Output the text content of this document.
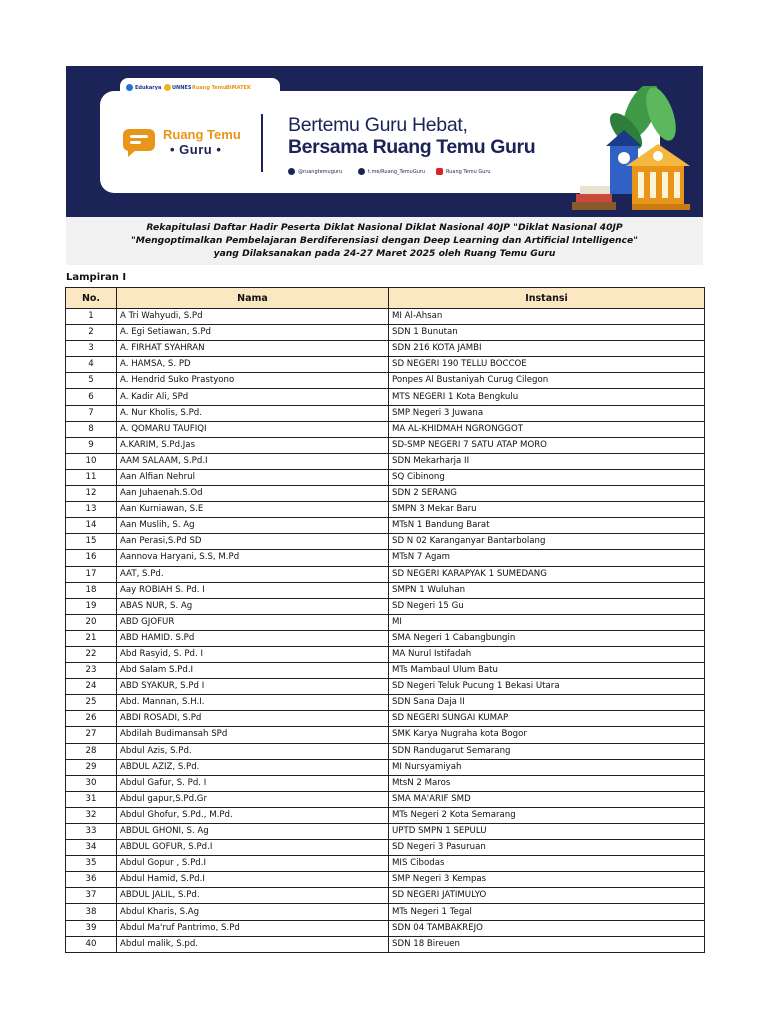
Edukarya UNNES Ruang Temu BIMATEK
Ruang Temu
• Guru •
Bertemu Guru Hebat,
Bersama Ruang Temu Guru
@ruangtemuguru	t.me/Ruang_TemuGuru	Ruang Temu Guru
Rekapitulasi Daftar Hadir Peserta Diklat Nasional Diklat Nasional 40JP "Diklat Nasional 40JP
"Mengoptimalkan Pembelajaran Berdiferensiasi dengan Deep Learning dan Artificial Intelligence"
yang Dilaksanakan pada 24-27 Maret 2025 oleh Ruang Temu Guru
Lampiran I
No.	Nama	Instansi
1	A Tri Wahyudi, S.Pd	MI Al-Ahsan
2	A. Egi Setiawan, S.Pd	SDN 1 Bunutan
3	A. FIRHAT SYAHRAN	SDN 216 KOTA JAMBI
4	A. HAMSA, S. PD	SD NEGERI 190 TELLU BOCCOE
5	A. Hendrid Suko Prastyono	Ponpes Al Bustaniyah Curug Cilegon
6	A. Kadir Ali, SPd	MTS NEGERI 1 Kota Bengkulu
7	A. Nur Kholis, S.Pd.	SMP Negeri 3 Juwana
8	A. QOMARU TAUFIQI	MA AL-KHIDMAH NGRONGGOT
9	A.KARIM, S.Pd.Jas	SD-SMP NEGERI 7 SATU ATAP MORO
10	AAM SALAAM, S.Pd.I	SDN Mekarharja II
11	Aan Alfian Nehrul	SQ Cibinong
12	Aan Juhaenah.S.Od	SDN 2 SERANG
13	Aan Kurniawan, S.E	SMPN 3 Mekar Baru
14	Aan Muslih, S. Ag	MTsN 1 Bandung Barat
15	Aan Perasi,S.Pd SD	SD N 02 Karanganyar Bantarbolang
16	Aannova Haryani, S.S, M.Pd	MTsN 7 Agam
17	AAT, S.Pd.	SD NEGERI KARAPYAK 1 SUMEDANG
18	Aay ROBIAH S. Pd. I	SMPN 1 Wuluhan
19	ABAS NUR, S. Ag	SD Negeri 15 Gu
20	ABD GJOFUR	MI
21	ABD HAMID. S.Pd	SMA Negeri 1 Cabangbungin
22	Abd Rasyid, S. Pd. I	MA Nurul Istifadah
23	Abd Salam S.Pd.I	MTs Mambaul Ulum Batu
24	ABD SYAKUR, S.Pd I	SD Negeri Teluk Pucung 1 Bekasi Utara
25	Abd. Mannan, S.H.I.	SDN Sana Daja II
26	ABDI ROSADI, S.Pd	SD NEGERI SUNGAI KUMAP
27	Abdilah Budimansah SPd	SMK Karya Nugraha kota Bogor
28	Abdul Azis, S.Pd.	SDN Randugarut Semarang
29	ABDUL AZIZ, S.Pd.	MI Nursyamiyah
30	Abdul Gafur, S. Pd. I	MtsN 2 Maros
31	Abdul gapur,S.Pd.Gr	SMA MA'ARIF SMD
32	Abdul Ghofur, S.Pd., M.Pd.	MTs Negeri 2 Kota Semarang
33	ABDUL GHONI, S. Ag	UPTD SMPN 1 SEPULU
34	ABDUL GOFUR, S.Pd.I	SD Negeri 3 Pasuruan
35	Abdul Gopur , S.Pd.I	MIS Cibodas
36	Abdul Hamid, S.Pd.I	SMP Negeri 3 Kempas
37	ABDUL JALIL, S.Pd.	SD NEGERI JATIMULYO
38	Abdul Kharis, S.Ag	MTs Negeri 1 Tegal
39	Abdul Ma'ruf Pantrimo, S.Pd	SDN 04 TAMBAKREJO
40	Abdul malik, S.pd.	SDN 18 Bireuen
